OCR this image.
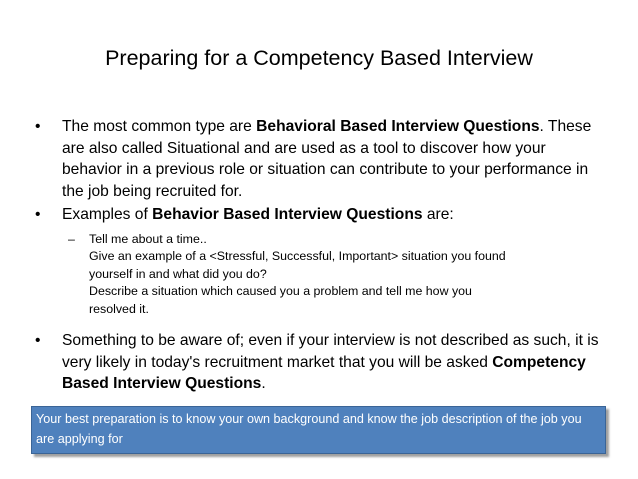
Preparing for a Competency Based Interview
• The most common type are Behavioral Based Interview Questions. These are also called Situational and are used as a tool to discover how your behavior in a previous role or situation can contribute to your performance in the job being recruited for.
• Examples of Behavior Based Interview Questions are:
– Tell me about a time..
Give an example of a <Stressful, Successful, Important> situation you found
yourself in and what did you do?
Describe a situation which caused you a problem and tell me how you
resolved it.
• Something to be aware of; even if your interview is not described as such, it is very likely in today's recruitment market that you will be asked Competency Based Interview Questions.
Your best preparation is to know your own background and know the job description of the job you are applying for
